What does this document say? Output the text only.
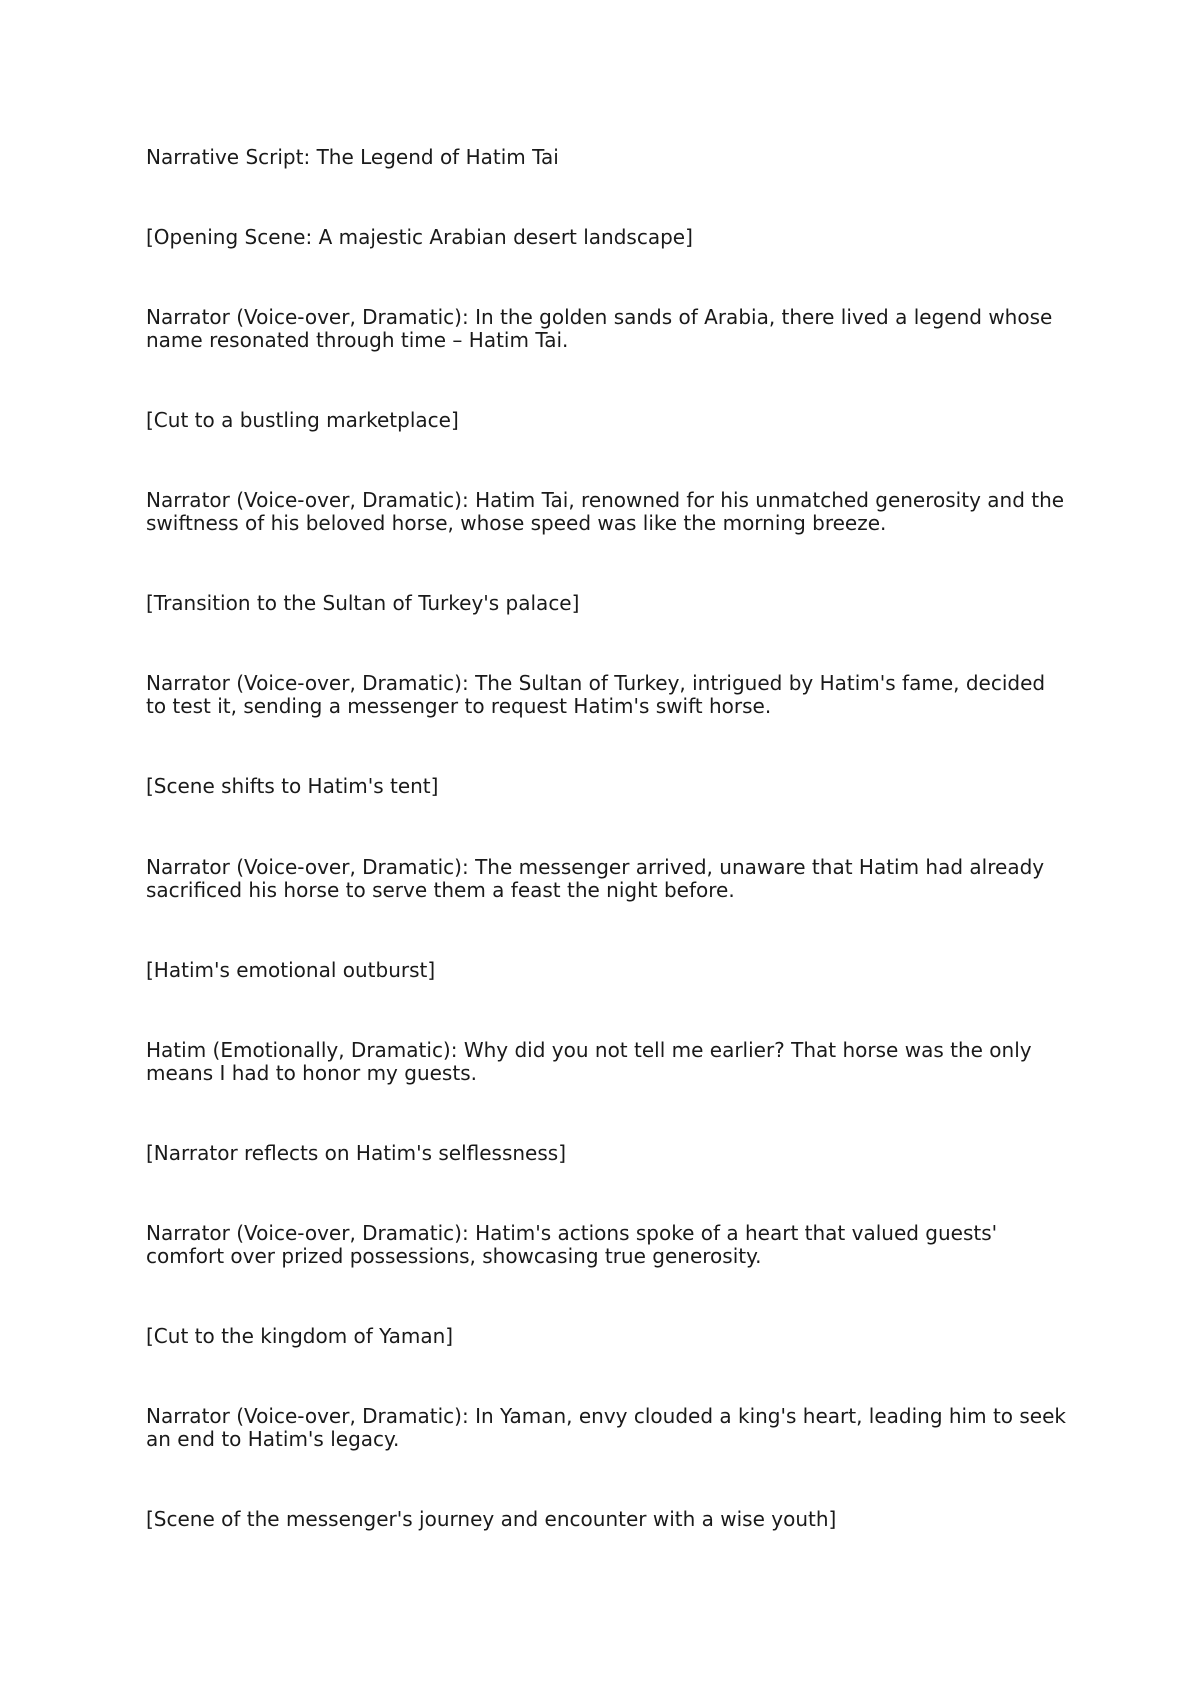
Narrative Script: The Legend of Hatim Tai

[Opening Scene: A majestic Arabian desert landscape]

Narrator (Voice-over, Dramatic): In the golden sands of Arabia, there lived a legend whose name resonated through time – Hatim Tai.

[Cut to a bustling marketplace]

Narrator (Voice-over, Dramatic): Hatim Tai, renowned for his unmatched generosity and the swiftness of his beloved horse, whose speed was like the morning breeze.

[Transition to the Sultan of Turkey's palace]

Narrator (Voice-over, Dramatic): The Sultan of Turkey, intrigued by Hatim's fame, decided to test it, sending a messenger to request Hatim's swift horse.

[Scene shifts to Hatim's tent]

Narrator (Voice-over, Dramatic): The messenger arrived, unaware that Hatim had already sacrificed his horse to serve them a feast the night before.

[Hatim's emotional outburst]

Hatim (Emotionally, Dramatic): Why did you not tell me earlier? That horse was the only means I had to honor my guests.

[Narrator reflects on Hatim's selflessness]

Narrator (Voice-over, Dramatic): Hatim's actions spoke of a heart that valued guests' comfort over prized possessions, showcasing true generosity.

[Cut to the kingdom of Yaman]

Narrator (Voice-over, Dramatic): In Yaman, envy clouded a king's heart, leading him to seek an end to Hatim's legacy.

[Scene of the messenger's journey and encounter with a wise youth]
